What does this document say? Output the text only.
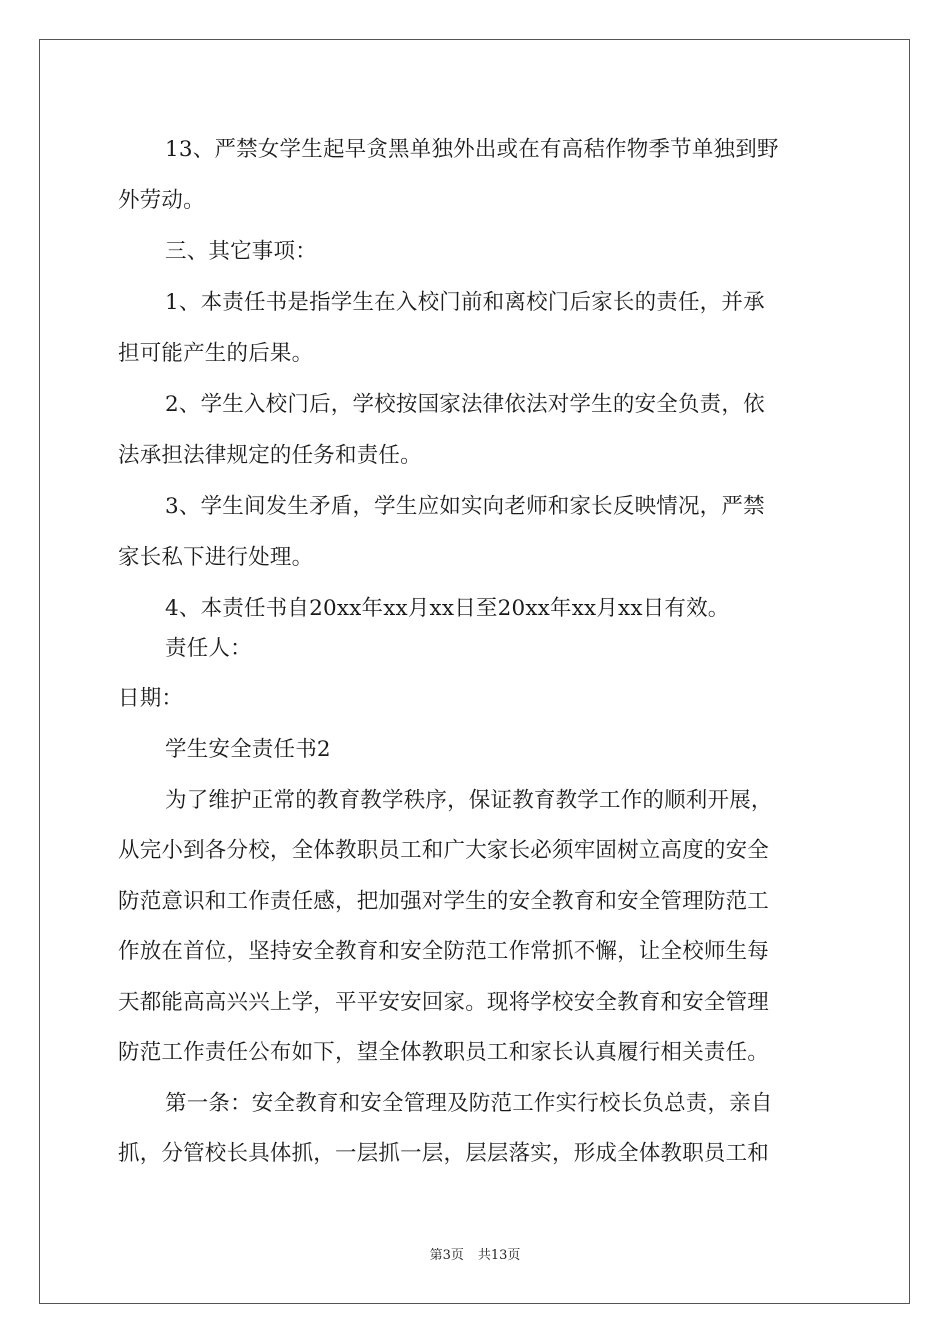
13、严禁女学生起早贪黑单独外出或在有高秸作物季节单独到野
外劳动。
三、其它事项：
1、本责任书是指学生在入校门前和离校门后家长的责任，并承
担可能产生的后果。
2、学生入校门后，学校按国家法律依法对学生的安全负责，依
法承担法律规定的任务和责任。
3、学生间发生矛盾，学生应如实向老师和家长反映情况，严禁
家长私下进行处理。
4、本责任书自20xx年xx月xx日至20xx年xx月xx日有效。
责任人：
日期：
学生安全责任书2
为了维护正常的教育教学秩序，保证教育教学工作的顺利开展，
从完小到各分校，全体教职员工和广大家长必须牢固树立高度的安全
防范意识和工作责任感，把加强对学生的安全教育和安全管理防范工
作放在首位，坚持安全教育和安全防范工作常抓不懈，让全校师生每
天都能高高兴兴上学，平平安安回家。现将学校安全教育和安全管理
防范工作责任公布如下，望全体教职员工和家长认真履行相关责任。
第一条：安全教育和安全管理及防范工作实行校长负总责，亲自
抓，分管校长具体抓，一层抓一层，层层落实，形成全体教职员工和
第3页 共13页
